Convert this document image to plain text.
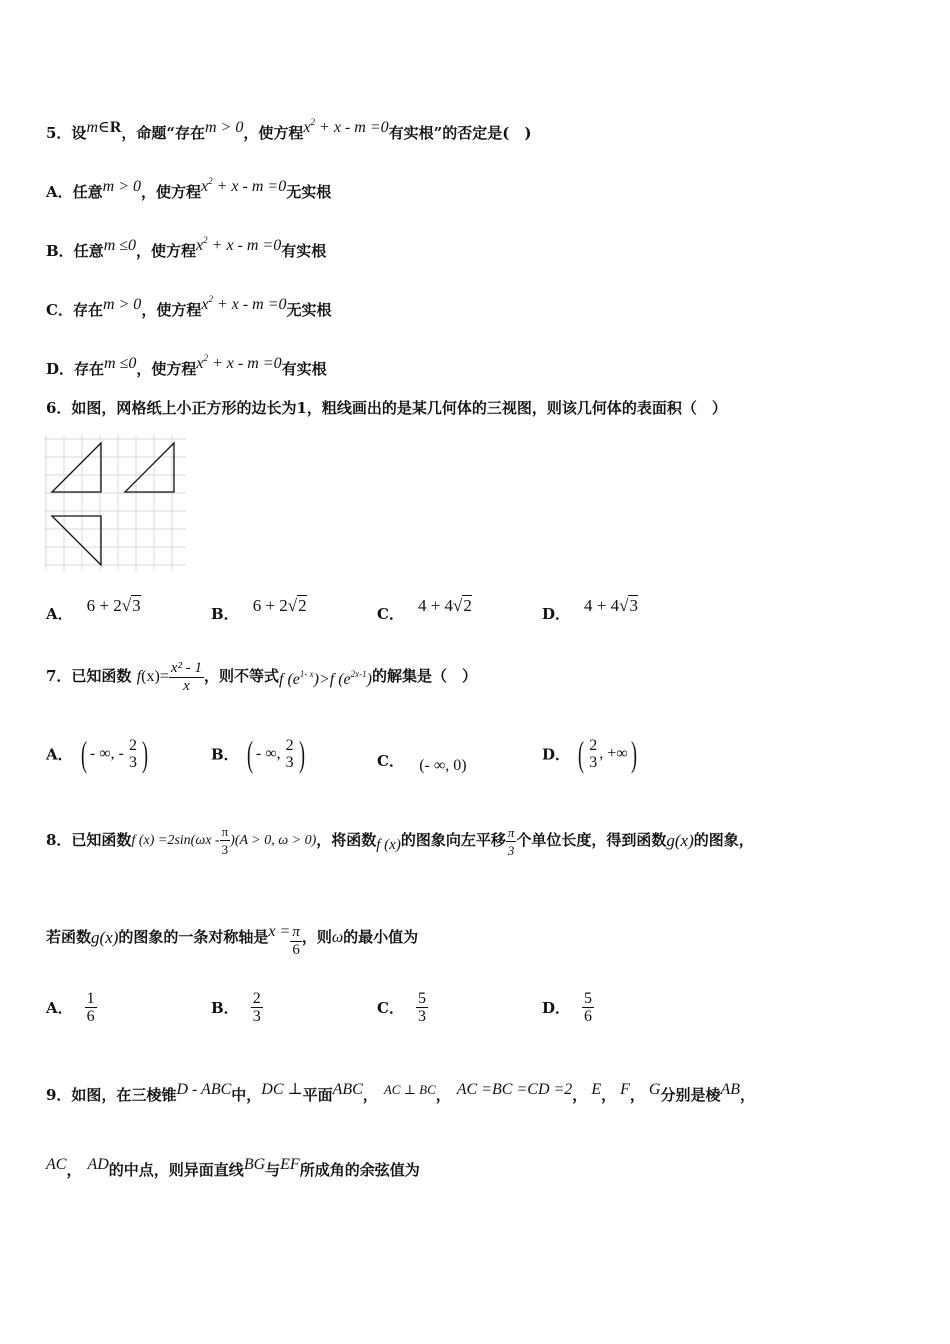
5．设m∈R，命题“存在m > 0，使方程$x^2 + x - m =0$有实根”的否定是(　)
A．任意m > 0，使方程$x^2 + x - m =0$无实根
B．任意m ≤0，使方程$x^2 + x - m =0$有实根
C．存在m > 0，使方程$x^2 + x - m =0$无实根
D．存在m ≤0，使方程$x^2 + x - m =0$有实根
6．如图，网格纸上小正方形的边长为1，粗线画出的是某几何体的三视图，则该几何体的表面积（　）
A． 6 + 2√3	B． 6 + 2√2	C． 4 + 4√2	D． 4 + 4√3
7．已知函数 $f(x)= \frac{\text{x² - 1}}{x}$ ，则不等式f $(e^{1- x})>f$ $(e^{2x-1})$的解集是（　）
A． ( - ∞, - 2
3 )	B． ( - ∞, 2
3 )	C． (- ∞, 0)
D． ( 2
3
, +∞ )
8．已知函数f $(x) =2\sin(\omega x - \frac{\pi}{3} )(A > 0$, ω > 0)，将函数f (x)的图象向左平移 $\frac{\pi}{3}$ 个单位长度，得到函数g(x)的图象，
若函数g(x)的图象的一条对称轴是$x = \frac{\pi}{6}$ ，则ω的最小值为
A． $\frac{1}{6}$	B． $\frac{2}{3}$	C． $\frac{5}{3}$	D． $\frac{5}{6}$
9．如图，在三棱锥D - ABC中，DC ⊥平面ABC， AC ⊥ BC， AC =BC =CD =2， E， F， G分别是棱AB，
AC， AD的中点，则异面直线BG与EF所成角的余弦值为
